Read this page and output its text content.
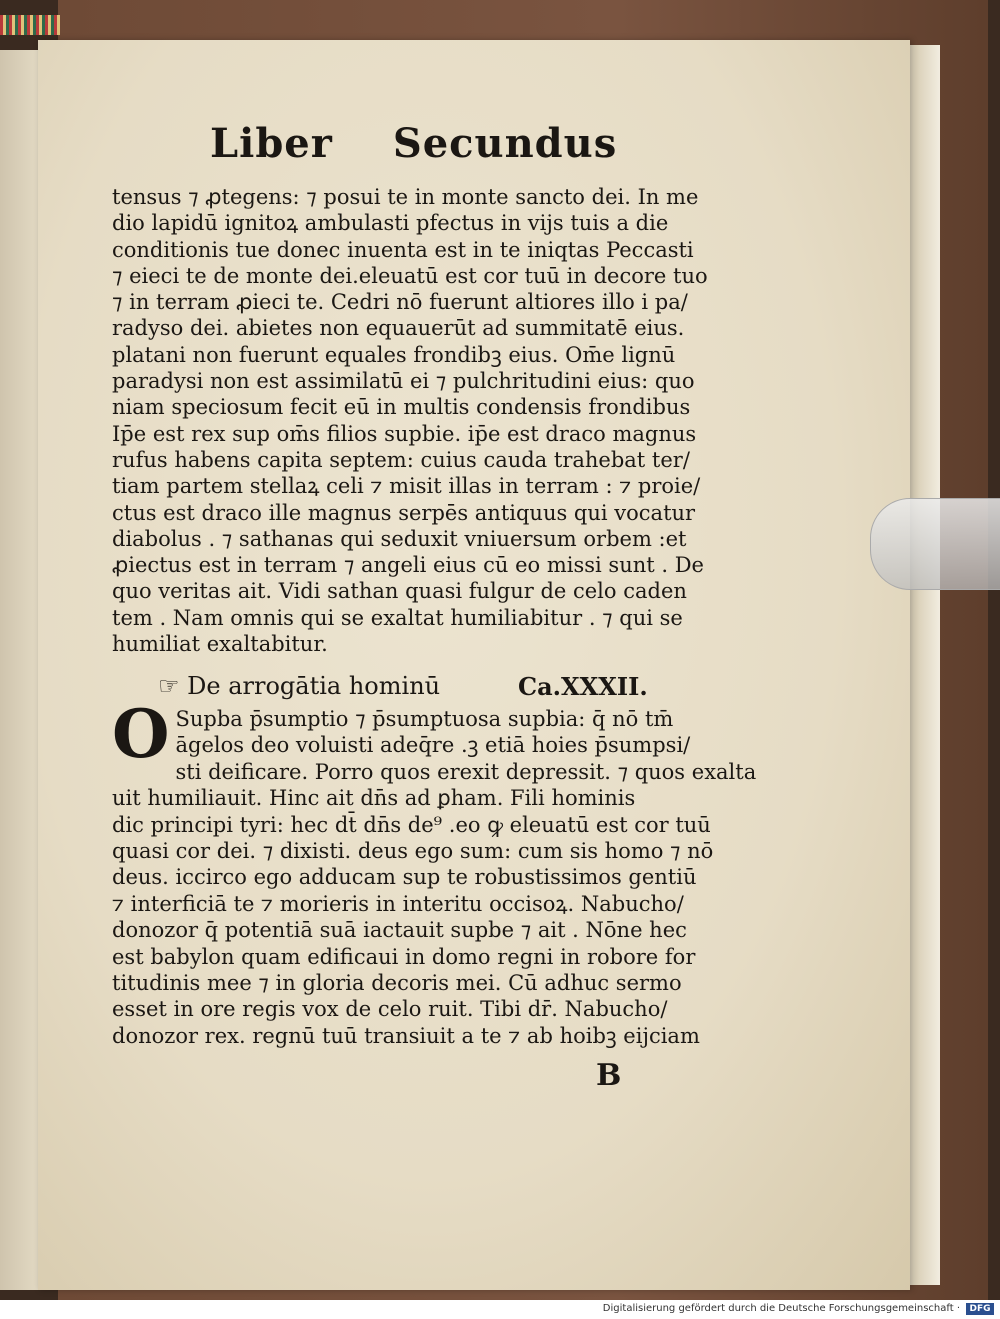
Liber Secundus
tensus ⁊ ꝓtegens: ⁊ posui te in monte sancto dei. In me
dio lapidū ignitoꝝ ambulasti pfectus in vijs tuis a die
conditionis tue donec inuenta est in te iniqtas Peccasti
⁊ eieci te de monte dei.eleuatū est cor tuū in decore tuo
⁊ in terram ꝓieci te. Cedri nō fuerunt altiores illo i pa/
radyso dei. abietes non equauerūt ad summitatē eius.
platani non fuerunt equales frondibꝫ eius. Om̄e lignū
paradysi non est assimilatū ei ⁊ pulchritudini eius: quo
niam speciosum fecit eū in multis condensis frondibus
Ip̄e est rex sup om̄s filios supbie. ip̄e est draco magnus
rufus habens capita septem: cuius cauda trahebat ter/
tiam partem stellaꝝ celi ⁊ misit illas in terram : ⁊ proie/
ctus est draco ille magnus serpēs antiquus qui vocatur
diabolus . ⁊ sathanas qui seduxit vniuersum orbem :et
ꝓiectus est in terram ⁊ angeli eius cū eo missi sunt . De
quo veritas ait. Vidi sathan quasi fulgur de celo caden
tem . Nam omnis qui se exaltat humiliabitur . ⁊ qui se
humiliat exaltabitur.
☞ De arrogātia hominū	Ca.XXXII.
O Supba p̄sumptio ⁊ p̄sumptuosa supbia: q̄ nō tm̄
āgelos deo voluisti adeq̄re .ꝫ etiā hoies p̄sumpsi/
sti deificare. Porro quos erexit depressit. ⁊ quos exalta
uit humiliauit. Hinc ait dn̄s ad ꝑham. Fili hominis
dic principi tyri: hec dt̄ dn̄s de⁹ .eo ꝙ eleuatū est cor tuū
quasi cor dei. ⁊ dixisti. deus ego sum: cum sis homo ⁊ nō
deus. iccirco ego adducam sup te robustissimos gentiū
⁊ interficiā te ⁊ morieris in interitu occisoꝝ. Nabucho/
donozor q̄ potentiā suā iactauit supbe ⁊ ait . Nōne hec
est babylon quam edificaui in domo regni in robore for
titudinis mee ⁊ in gloria decoris mei. Cū adhuc sermo
esset in ore regis vox de celo ruit. Tibi dr̄. Nabucho/
donozor rex. regnū tuū transiuit a te ⁊ ab hoibꝫ eijciam
B
Digitalisierung gefördert durch die Deutsche Forschungsgemeinschaft ·	DFG
